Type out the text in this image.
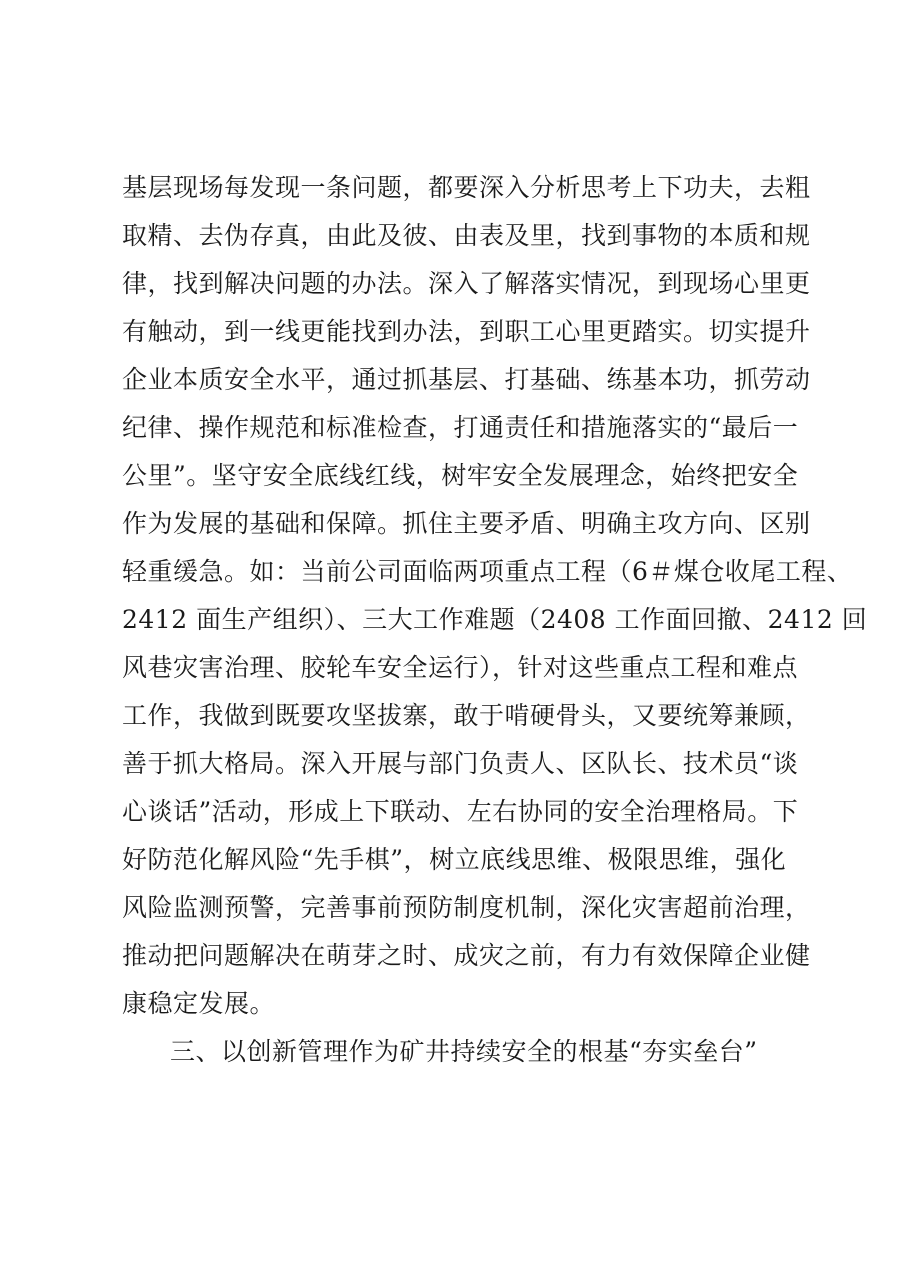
基层现场每发现一条问题，都要深入分析思考上下功夫，去粗
取精、去伪存真，由此及彼、由表及里，找到事物的本质和规
律，找到解决问题的办法。深入了解落实情况，到现场心里更
有触动，到一线更能找到办法，到职工心里更踏实。切实提升
企业本质安全水平，通过抓基层、打基础、练基本功，抓劳动
纪律、操作规范和标准检查，打通责任和措施落实的“最后一
公里”。坚守安全底线红线，树牢安全发展理念，始终把安全
作为发展的基础和保障。抓住主要矛盾、明确主攻方向、区别
轻重缓急。如：当前公司面临两项重点工程（6＃煤仓收尾工程、
2412 面生产组织）、三大工作难题（2408 工作面回撤、2412 回
风巷灾害治理、胶轮车安全运行），针对这些重点工程和难点
工作，我做到既要攻坚拔寨，敢于啃硬骨头，又要统筹兼顾，
善于抓大格局。深入开展与部门负责人、区队长、技术员“谈
心谈话”活动，形成上下联动、左右协同的安全治理格局。下
好防范化解风险“先手棋”，树立底线思维、极限思维，强化
风险监测预警，完善事前预防制度机制，深化灾害超前治理，
推动把问题解决在萌芽之时、成灾之前，有力有效保障企业健
康稳定发展。
三、以创新管理作为矿井持续安全的根基“夯实垒台”
